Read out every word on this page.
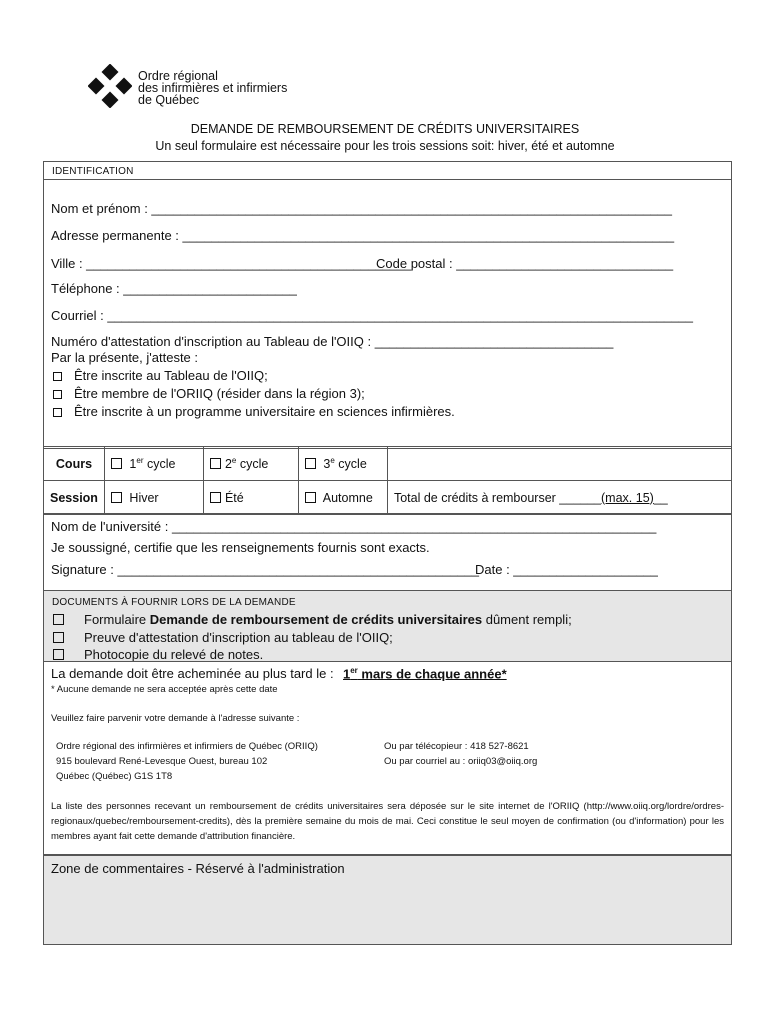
Ordre régional
des infirmières et infirmiers
de Québec
DEMANDE DE REMBOURSEMENT DE CRÉDITS UNIVERSITAIRES
Un seul formulaire est nécessaire pour les trois sessions soit: hiver, été et automne
IDENTIFICATION
Nom et prénom : ________________________________________________________________________
Adresse permanente : ____________________________________________________________________
Ville : _____________________________________________
Code postal : ______________________________
Téléphone : ________________________
Courriel : _________________________________________________________________________________
Numéro d'attestation d'inscription au Tableau de l'OIIQ : _________________________________
Par la présente, j'atteste :
Être inscrite au Tableau de l'OIIQ;
Être membre de l'ORIIQ (résider dans la région 3);
Être inscrite à un programme universitaire en sciences infirmières.
Cours	1er cycle	2e cycle	3e cycle	
Session	Hiver	Été	Automne	Total de crédits à rembourser ______(max. 15)__
Nom de l'université : ___________________________________________________________________
Je soussigné, certifie que les renseignements fournis sont exacts.
Signature : __________________________________________________
Date : ____________________
DOCUMENTS À FOURNIR LORS DE LA DEMANDE
Formulaire Demande de remboursement de crédits universitaires dûment rempli;
Preuve d'attestation d'inscription au tableau de l'OIIQ;
Photocopie du relevé de notes.
La demande doit être acheminée au plus tard le : 1er mars de chaque année*
* Aucune demande ne sera acceptée après cette date
Veuillez faire parvenir votre demande à l'adresse suivante :
Ordre régional des infirmières et infirmiers de Québec (ORIIQ)
915 boulevard René-Levesque Ouest, bureau 102
Québec (Québec) G1S 1T8
Ou par télécopieur : 418 527-8621
Ou par courriel au : oriiq03@oiiq.org
La liste des personnes recevant un remboursement de crédits universitaires sera déposée sur le site internet de l'ORIIQ (http://www.oiiq.org/lordre/ordres-regionaux/quebec/remboursement-credits), dès la première semaine du mois de mai. Ceci constitue le seul moyen de confirmation (ou d'information) pour les membres ayant fait cette demande d'attribution financière.
Zone de commentaires - Réservé à l'administration
